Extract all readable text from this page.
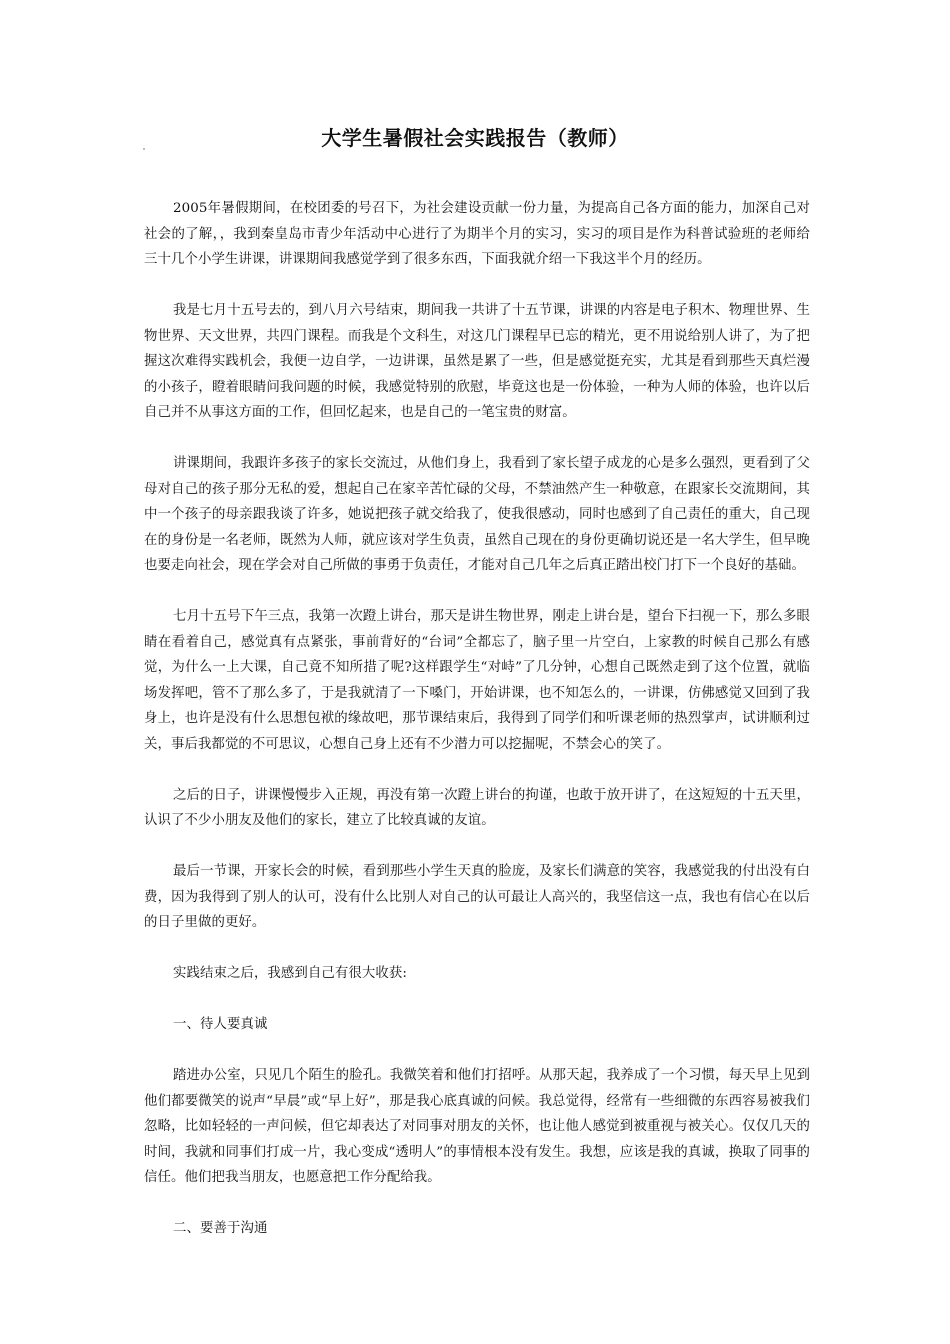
大学生暑假社会实践报告（教师）

2005年暑假期间，在校团委的号召下，为社会建设贡献一份力量，为提高自己各方面的能力，加深自己对社会的了解，，我到秦皇岛市青少年活动中心进行了为期半个月的实习，实习的项目是作为科普试验班的老师给三十几个小学生讲课，讲课期间我感觉学到了很多东西，下面我就介绍一下我这半个月的经历。

我是七月十五号去的，到八月六号结束，期间我一共讲了十五节课，讲课的内容是电子积木、物理世界、生物世界、天文世界，共四门课程。而我是个文科生，对这几门课程早已忘的精光，更不用说给别人讲了，为了把握这次难得实践机会，我便一边自学，一边讲课，虽然是累了一些，但是感觉挺充实，尤其是看到那些天真烂漫的小孩子，瞪着眼睛问我问题的时候，我感觉特别的欣慰，毕竟这也是一份体验，一种为人师的体验，也许以后自己并不从事这方面的工作，但回忆起来，也是自己的一笔宝贵的财富。

讲课期间，我跟许多孩子的家长交流过，从他们身上，我看到了家长望子成龙的心是多么强烈，更看到了父母对自己的孩子那分无私的爱，想起自己在家辛苦忙碌的父母，不禁油然产生一种敬意，在跟家长交流期间，其中一个孩子的母亲跟我谈了许多，她说把孩子就交给我了，使我很感动，同时也感到了自己责任的重大，自己现在的身份是一名老师，既然为人师，就应该对学生负责，虽然自己现在的身份更确切说还是一名大学生，但早晚也要走向社会，现在学会对自己所做的事勇于负责任，才能对自己几年之后真正踏出校门打下一个良好的基础。

七月十五号下午三点，我第一次蹬上讲台，那天是讲生物世界，刚走上讲台是，望台下扫视一下，那么多眼睛在看着自己，感觉真有点紧张，事前背好的“台词”全都忘了，脑子里一片空白，上家教的时候自己那么有感觉，为什么一上大课，自己竟不知所措了呢?这样跟学生“对峙”了几分钟，心想自己既然走到了这个位置，就临场发挥吧，管不了那么多了，于是我就清了一下嗓门，开始讲课，也不知怎么的，一讲课，仿佛感觉又回到了我身上，也许是没有什么思想包袱的缘故吧，那节课结束后，我得到了同学们和听课老师的热烈掌声，试讲顺利过关，事后我都觉的不可思议，心想自己身上还有不少潜力可以挖掘呢，不禁会心的笑了。

之后的日子，讲课慢慢步入正规，再没有第一次蹬上讲台的拘谨，也敢于放开讲了，在这短短的十五天里，认识了不少小朋友及他们的家长，建立了比较真诚的友谊。

最后一节课，开家长会的时候，看到那些小学生天真的脸庞，及家长们满意的笑容，我感觉我的付出没有白费，因为我得到了别人的认可，没有什么比别人对自己的认可最让人高兴的，我坚信这一点，我也有信心在以后的日子里做的更好。

实践结束之后，我感到自己有很大收获:

一、待人要真诚

踏进办公室，只见几个陌生的脸孔。我微笑着和他们打招呼。从那天起，我养成了一个习惯，每天早上见到他们都要微笑的说声“早晨”或“早上好”，那是我心底真诚的问候。我总觉得，经常有一些细微的东西容易被我们忽略，比如轻轻的一声问候，但它却表达了对同事对朋友的关怀，也让他人感觉到被重视与被关心。仅仅几天的时间，我就和同事们打成一片，我心变成“透明人”的事情根本没有发生。我想，应该是我的真诚，换取了同事的信任。他们把我当朋友，也愿意把工作分配给我。

二、要善于沟通
